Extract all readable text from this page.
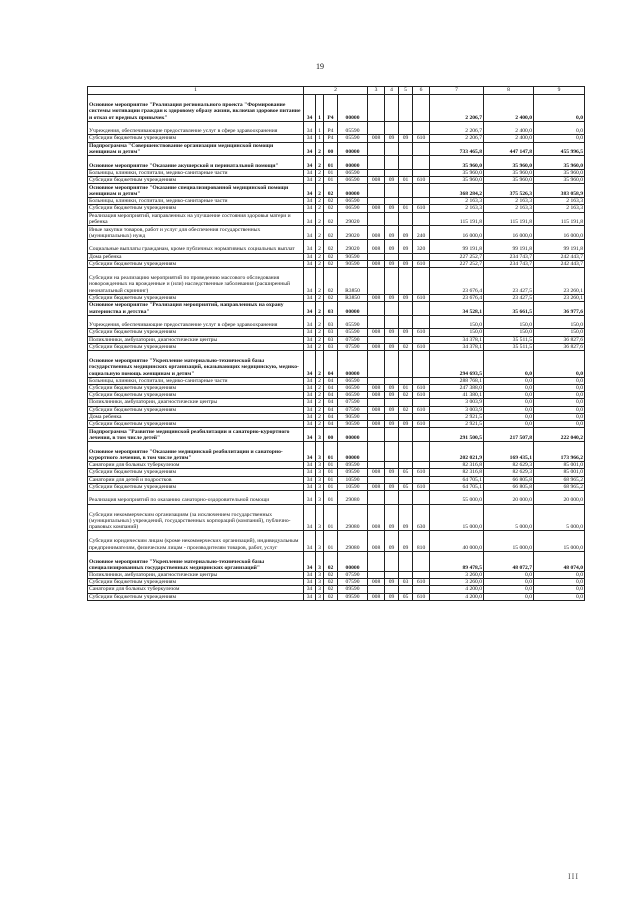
19
1	2				3	4	5	6	7	8	9
Основное мероприятие "Реализация регионального проекта "Формирование системы мотивации граждан к здоровому образу жизни, включая здоровое питание и отказ от вредных привычек"	34	1	P4	00000					2 206,7	2 400,0	0,0
Учреждения, обеспечивающие предоставление услуг в сфере здравоохранения	34	1	P4	05590					2 206,7	2 400,0	0,0
Субсидии бюджетным учреждениям	34	1	P4	05590	008	09	09	610	2 206,7	2 400,0	0,0
Подпрограмма "Совершенствование организации медицинской помощи женщинам и детям"	34	2	00	00000					733 465,8	447 147,8	455 996,5
Основное мероприятие "Оказание акушерской и перинатальной помощи"	34	2	01	00000					35 960,0	35 960,0	35 960,0
Больницы, клиники, госпитали, медико-санитарные части	34	2	01	06590					35 960,0	35 960,0	35 960,0
Субсидии бюджетным учреждениям	34	2	01	06590	008	09	01	610	35 960,0	35 960,0	35 960,0
Основное мероприятие "Оказание специализированной медицинской помощи женщинам и детям"	34	2	02	00000					368 284,2	375 526,3	383 058,9
Больницы, клиники, госпитали, медико-санитарные части	34	2	02	06590					2 163,3	2 163,3	2 163,3
Субсидии бюджетным учреждениям	34	2	02	06590	008	09	01	610	2 163,3	2 163,3	2 163,3
Реализация мероприятий, направленных на улучшение состояния здоровья матери и ребенка	34	2	02	29020					115 191,8	115 191,8	115 191,8
Иные закупки товаров, работ и услуг для обеспечения государственных (муниципальных) нужд	34	2	02	29020	008	09	09	240	16 000,0	16 000,0	16 000,0
Социальные выплаты гражданам, кроме публичных нормативных социальных выплат	34	2	02	29020	008	09	09	320	99 191,8	99 191,8	99 191,8
Дома ребенка	34	2	02	90590					227 252,7	234 743,7	242 443,7
Субсидии бюджетным учреждениям	34	2	02	90590	008	09	09	610	227 252,7	234 743,7	242 443,7
Субсидии на реализацию мероприятий по проведению массового обследования новорожденных на врожденные и (или) наследственные заболевания (расширенный неонатальный скрининг)	34	2	02	R3850					23 676,4	23 427,5	23 260,1
Субсидии бюджетным учреждениям	34	2	02	R3850	008	09	09	610	23 676,4	23 427,5	23 260,1
Основное мероприятие "Реализация мероприятий, направленных на охрану материнства и детства"	34	2	03	00000					34 528,1	35 661,5	36 977,6
Учреждения, обеспечивающие предоставление услуг в сфере здравоохранения	34	2	03	05590					150,0	150,0	150,0
Субсидии бюджетным учреждениям	34	2	03	05590	008	09	09	610	150,0	150,0	150,0
Поликлиники, амбулатории, диагностические центры	34	2	03	07590					34 378,1	35 511,5	36 827,6
Субсидии бюджетным учреждениям	34	2	03	07590	008	09	02	610	34 378,1	35 511,5	36 827,6
Основное мероприятие "Укрепление материально-технической базы государственных медицинских организаций, оказывающих медицинскую, медико-социальную помощь женщинам и детям"	34	2	04	00000					294 693,5	0,0	0,0
Больницы, клиники, госпитали, медико-санитарные части	34	2	04	06590					288 768,1	0,0	0,0
Субсидии бюджетным учреждениям	34	2	04	06590	008	09	01	610	247 388,0	0,0	0,0
Субсидии бюджетным учреждениям	34	2	04	06590	008	09	02	610	41 380,1	0,0	0,0
Поликлиники, амбулатории, диагностические центры	34	2	04	07590					3 003,9	0,0	0,0
Субсидии бюджетным учреждениям	34	2	04	07590	008	09	02	610	3 003,9	0,0	0,0
Дома ребенка	34	2	04	90590					2 921,5	0,0	0,0
Субсидии бюджетным учреждениям	34	2	04	90590	008	09	09	610	2 921,5	0,0	0,0
Подпрограмма "Развитие медицинской реабилитации и санаторно-курортного лечения, в том числе детей"	34	3	00	00000					291 500,5	217 507,8	222 040,2
Основное мероприятие "Оказание медицинской реабилитации и санаторно-курортного лечения, в том числе детям"	34	3	01	00000					202 021,9	169 435,1	173 966,2
Санатории для больных туберкулезом	34	3	01	09590					82 316,8	82 629,3	85 001,0
Субсидии бюджетным учреждениям	34	3	01	09590	008	09	05	610	82 316,8	82 629,3	85 001,0
Санатории для детей и подростков	34	3	01	10590					64 705,1	66 805,8	68 965,2
Субсидии бюджетным учреждениям	34	3	01	10590	008	09	05	610	64 705,1	66 805,8	68 965,2
Реализация мероприятий по оказанию санаторно-оздоровительной помощи	34	3	01	29080					55 000,0	20 000,0	20 000,0
Субсидии некоммерческим организациям (за исключением государственных (муниципальных) учреждений, государственных корпораций (компаний), публично-правовых компаний)	34	3	01	29080	008	09	09	630	15 000,0	5 000,0	5 000,0
Субсидии юридическим лицам (кроме некоммерческих организаций), индивидуальным предпринимателям, физическим лицам - производителям товаров, работ, услуг	34	3	01	29080	008	09	09	810	40 000,0	15 000,0	15 000,0
Основное мероприятие "Укрепление материально-технической базы специализированных государственных медицинских организаций"	34	3	02	00000					89 478,5	48 072,7	48 074,0
Поликлиники, амбулатории, диагностические центры	34	3	02	07590					3 260,0	0,0	0,0
Субсидии бюджетным учреждениям	34	3	02	07590	008	09	03	610	3 260,0	0,0	0,0
Санатории для больных туберкулезом	34	3	02	09590					4 200,0	0,0	0,0
Субсидии бюджетным учреждениям	34	3	02	09590	008	09	05	610	4 200,0	0,0	0,0
III
